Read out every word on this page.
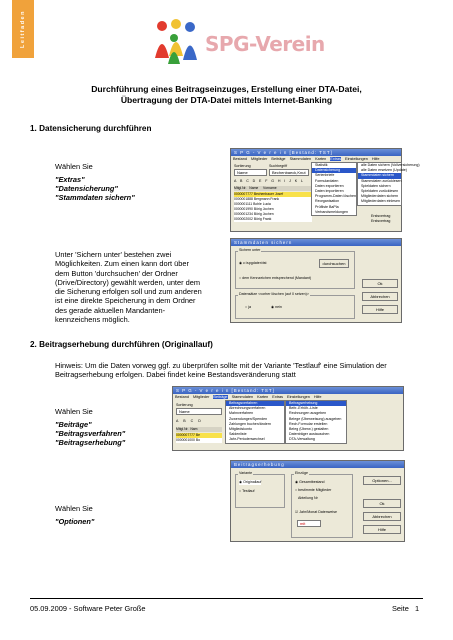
Leitfaden	SPG-Verein
Durchführung eines Beitragseinzuges, Erstellung einer DTA-Datei,
Übertragung der DTA-Datei mittels Internet-Banking
1. Datensicherung durchführen
Wählen Sie
"Extras"
"Datensicherung"
"Stammdaten sichern"
Unter 'Sichern unter' bestehen zwei
Möglichkeiten. Zum einen kann dort über
dem Button 'durchsuchen' der Ordner
(Drive/Directory) gewählt werden, unter dem
die Sicherung erfolgen soll und zum anderen
ist eine direkte Speicherung in dem Ordner
des gerade aktuellen Mandanten-
kennzeichens möglich.
S P G - V e r e i n [Bestand: TST]
Bestand Mitglieder Beiträge Stammdaten Karten Extras Einstellungen Hilfe
Sortierung	Suchbegriff
Name	Bechenbaeck,Knut
A B C D E F G H I J K L
Mitgl.Nr. Name Vorname
0000007777 Bechenbauer Josef
0000001888 Bergmann Frank
0000001111 Bohle Lucia
0000001990 Börig Jochen
0000001234 Börig Jochen
0000002002 Börig Frank
Statistik
Datensicherung
Serienbriefe
Formulardaten
Daten exportieren
Daten importieren
Programm-Daten löschen
Reorganisation
Prüfliste BaPla
Verbandsmeldungen
alle Daten sichern (Vollversicherung)
alle Daten ersetzen (Update)
Stammdaten sichern
Stammdaten zurücklesen
Spieldaten sichern
Spieldaten zurücklesen
Mitgliederdaten sichern
Mitgliederdaten einlesen
Erstsvertrag
Erstsvertrag
Stammdaten sichern
Sichern unter
◉ c:\spgdaten\tst
○ dem Kennzeichen entsprechend (Mandant)
durchsuchen
Datensätze <vorher löschen (auf 0 setzen)>
○ ja	◉ nein
Ok
Abbrechen
Hilfe
2. Beitragserhebung durchführen (Originallauf)
Hinweis: Um die Daten vorweg ggf. zu überprüfen sollte mit der Variante 'Testlauf' eine Simulation der
Beitragserhebung erfolgen. Dabei findet keine Bestandsveränderung statt
Wählen Sie
"Beiträge"
"Beitragsverfahren"
"Beitragserhebung"
Wählen Sie
"Optionen"
S P G - V e r e i n [Bestand: TST]
Bestand Mitglieder Beiträge Stammdaten Karten Extras Einstellungen Hilfe
Sortierung
Name
A B C D
Mitgl.Nr. Nam
0000007777 Be
0000001000 Bo
Beitragsverfahren
Abrechnungsverfahren
Mahnverfahren
Zuwendungen/Spenden
Zahlungen buchen/ändern
Mitgliedskonto
Saldenliste
Jahr-Periodenwechsel
Beitragserhebung
Beitr.-Erhöh.-Liste
Rechnungen ausgeben
Belege (Überweisung) ausgeben
Rech.Formular erstellen
Beleg (Überw.) gestalten
Datenträger austauschen
DTA-Verwaltung
Beitragserhebung
Variante
◉ Originallauf
○ Testlauf
Einzüge
◉ Gesamtbestand
○ bestimmte Mitglieder
Abteilung Nr
☑ Jahr/Monat Datenweise
mit
Optionen...
Ok
Abbrechen
Hilfe
05.09.2009 - Software Peter Große	Seite 1
